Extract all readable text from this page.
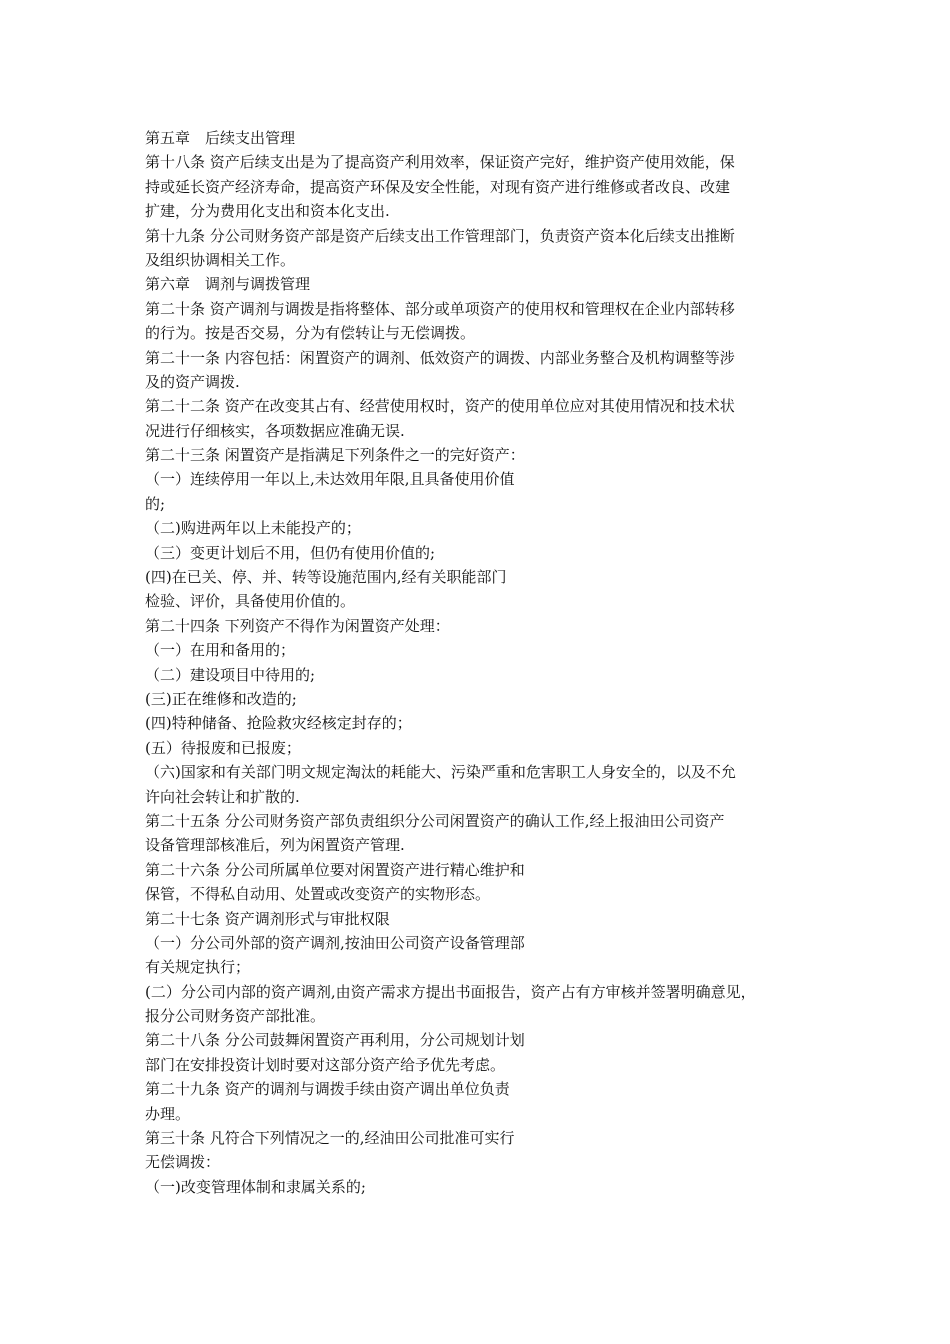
第五章　后续支出管理
第十八条 资产后续支出是为了提高资产利用效率，保证资产完好，维护资产使用效能，保
持或延长资产经济寿命，提高资产环保及安全性能，对现有资产进行维修或者改良、改建
扩建，分为费用化支出和资本化支出.
第十九条 分公司财务资产部是资产后续支出工作管理部门，负责资产资本化后续支出推断
及组织协调相关工作。
第六章　调剂与调拨管理
第二十条 资产调剂与调拨是指将整体、部分或单项资产的使用权和管理权在企业内部转移
的行为。按是否交易，分为有偿转让与无偿调拨。
第二十一条 内容包括：闲置资产的调剂、低效资产的调拨、内部业务整合及机构调整等涉
及的资产调拨.
第二十二条 资产在改变其占有、经营使用权时，资产的使用单位应对其使用情况和技术状
况进行仔细核实，各项数据应准确无误.
第二十三条 闲置资产是指满足下列条件之一的完好资产：
（一）连续停用一年以上,未达效用年限,且具备使用价值
的;
（二)购进两年以上未能投产的；
（三）变更计划后不用，但仍有使用价值的;
(四)在已关、停、并、转等设施范围内,经有关职能部门
检验、评价，具备使用价值的。
第二十四条 下列资产不得作为闲置资产处理：
（一）在用和备用的；
（二）建设项目中待用的;
(三)正在维修和改造的;
(四)特种储备、抢险救灾经核定封存的；
(五）待报废和已报废；
（六)国家和有关部门明文规定淘汰的耗能大、污染严重和危害职工人身安全的，以及不允
许向社会转让和扩散的.
第二十五条 分公司财务资产部负责组织分公司闲置资产的确认工作,经上报油田公司资产
设备管理部核准后，列为闲置资产管理.
第二十六条 分公司所属单位要对闲置资产进行精心维护和
保管，不得私自动用、处置或改变资产的实物形态。
第二十七条 资产调剂形式与审批权限
（一）分公司外部的资产调剂,按油田公司资产设备管理部
有关规定执行；
(二）分公司内部的资产调剂,由资产需求方提出书面报告，资产占有方审核并签署明确意见，
报分公司财务资产部批准。
第二十八条 分公司鼓舞闲置资产再利用，分公司规划计划
部门在安排投资计划时要对这部分资产给予优先考虑。
第二十九条 资产的调剂与调拨手续由资产调出单位负责
办理。
第三十条 凡符合下列情况之一的,经油田公司批准可实行
无偿调拨：
（一)改变管理体制和隶属关系的;
